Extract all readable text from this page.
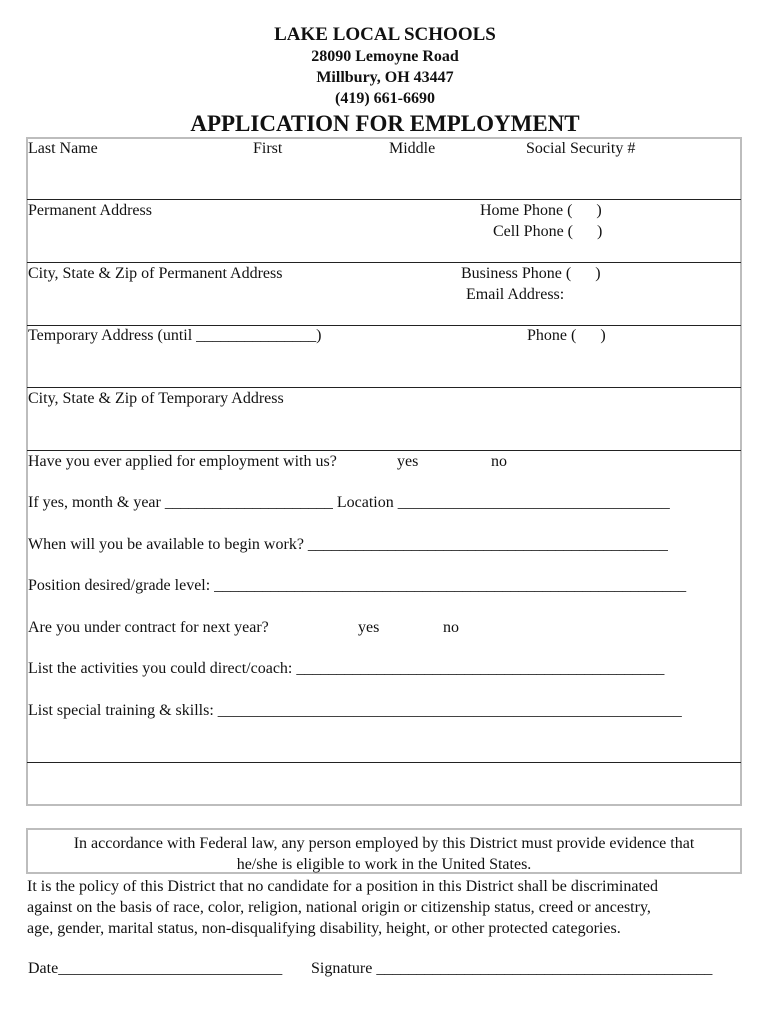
LAKE LOCAL SCHOOLS
28090 Lemoyne Road
Millbury, OH 43447
(419) 661-6690
APPLICATION FOR EMPLOYMENT
Last Name	First	Middle	Social Security #
Permanent Address	Home Phone (      )
Cell Phone (      )
City, State & Zip of Permanent Address	Business Phone (      )
Email Address:
Temporary Address (until _______________)	Phone (      )
City, State & Zip of Temporary Address
Have you ever applied for employment with us?	yes	no
If yes, month & year _____________________ Location __________________________________
When will you be available to begin work? _____________________________________________
Position desired/grade level: ___________________________________________________________
Are you under contract for next year?	yes	no
List the activities you could direct/coach: ______________________________________________
List special training & skills: __________________________________________________________
In accordance with Federal law, any person employed by this District must provide evidence that
he/she is eligible to work in the United States.
It is the policy of this District that no candidate for a position in this District shall be discriminated
against on the basis of race, color, religion, national origin or citizenship status, creed or ancestry,
age, gender, marital status, non-disqualifying disability, height, or other protected categories.
Date____________________________ Signature __________________________________________
